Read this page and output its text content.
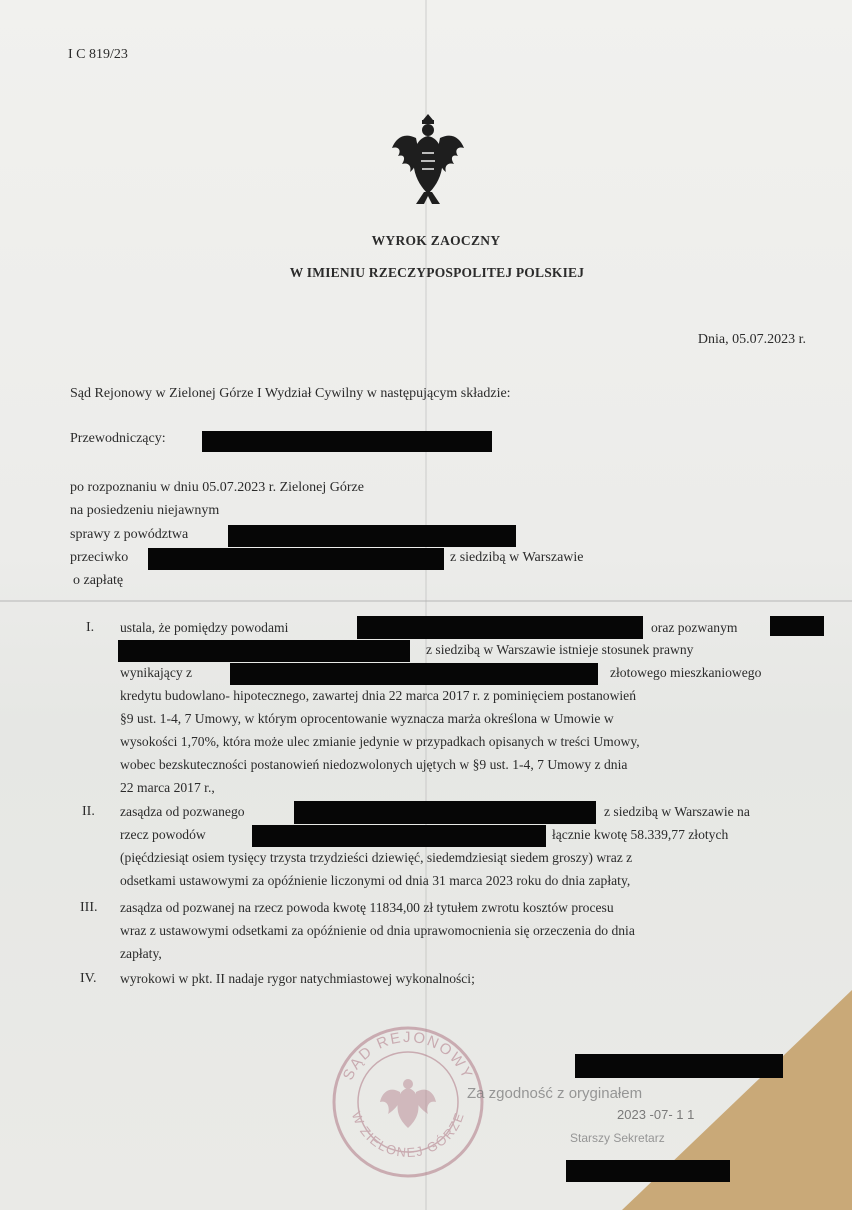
I C 819/23
WYROK ZAOCZNY
W IMIENIU RZECZYPOSPOLITEJ POLSKIEJ
Dnia, 05.07.2023 r.
Sąd Rejonowy w Zielonej Górze I Wydział Cywilny w następującym składzie:
Przewodniczący:
po rozpoznaniu w dniu 05.07.2023 r. Zielonej Górze
na posiedzeniu niejawnym
sprawy z powództwa
przeciwko	z siedzibą w Warszawie
o zapłatę
I. ustala, że pomiędzy powodami	oraz pozwanym
z siedzibą w Warszawie istnieje stosunek prawny
wynikający z	złotowego mieszkaniowego
kredytu budowlano- hipotecznego, zawartej dnia 22 marca 2017 r. z pominięciem postanowień
§9 ust. 1-4, 7 Umowy, w którym oprocentowanie wyznacza marża określona w Umowie w
wysokości 1,70%, która może ulec zmianie jedynie w przypadkach opisanych w treści Umowy,
wobec bezskuteczności postanowień niedozwolonych ujętych w §9 ust. 1-4, 7 Umowy z dnia
22 marca 2017 r.,
II. zasądza od pozwanego	z siedzibą w Warszawie na
rzecz powodów	łącznie kwotę 58.339,77 złotych
(pięćdziesiąt osiem tysięcy trzysta trzydzieści dziewięć, siedemdziesiąt siedem groszy) wraz z
odsetkami ustawowymi za opóźnienie liczonymi od dnia 31 marca 2023 roku do dnia zapłaty,
III. zasądza od pozwanej na rzecz powoda kwotę 11834,00 zł tytułem zwrotu kosztów procesu
wraz z ustawowymi odsetkami za opóźnienie od dnia uprawomocnienia się orzeczenia do dnia
zapłaty,
IV. wyrokowi w pkt. II nadaje rygor natychmiastowej wykonalności;
SĄD REJONOWY
W ZIELONEJ GÓRZE
Za zgodność z oryginałem
2023 -07- 1 1
Starszy Sekretarz
